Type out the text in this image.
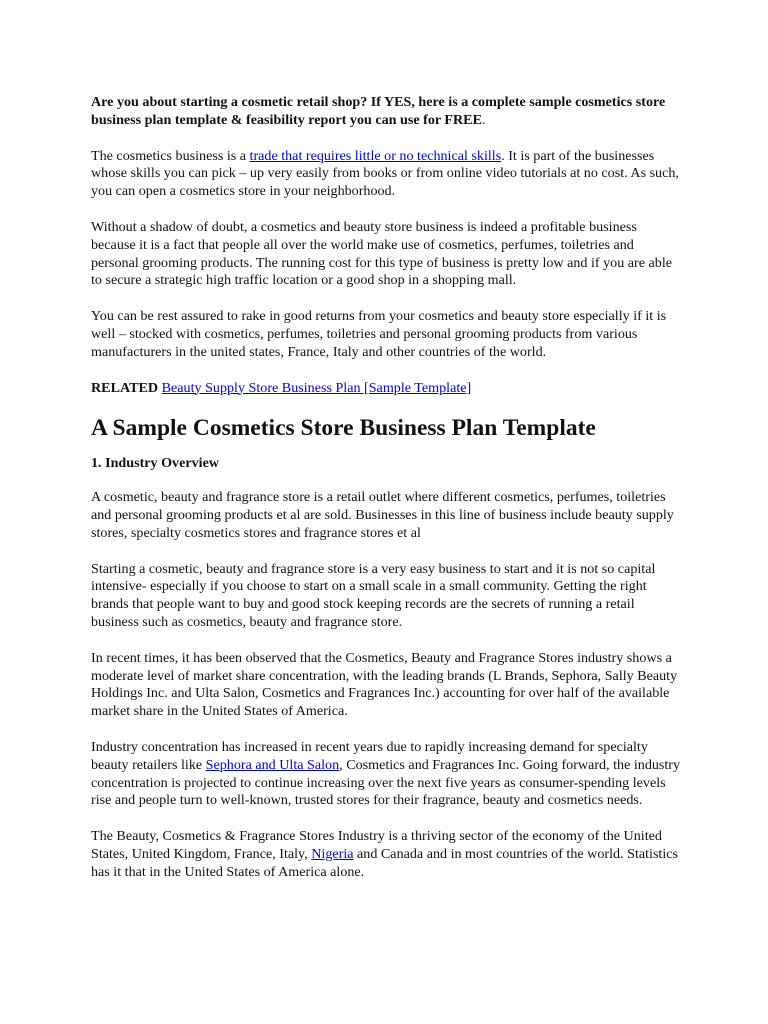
Are you about starting a cosmetic retail shop? If YES, here is a complete sample cosmetics store business plan template & feasibility report you can use for FREE.

The cosmetics business is a trade that requires little or no technical skills. It is part of the businesses whose skills you can pick – up very easily from books or from online video tutorials at no cost. As such, you can open a cosmetics store in your neighborhood.

Without a shadow of doubt, a cosmetics and beauty store business is indeed a profitable business because it is a fact that people all over the world make use of cosmetics, perfumes, toiletries and personal grooming products. The running cost for this type of business is pretty low and if you are able to secure a strategic high traffic location or a good shop in a shopping mall.

You can be rest assured to rake in good returns from your cosmetics and beauty store especially if it is well – stocked with cosmetics, perfumes, toiletries and personal grooming products from various manufacturers in the united states, France, Italy and other countries of the world.

RELATED Beauty Supply Store Business Plan [Sample Template]

A Sample Cosmetics Store Business Plan Template
1. Industry Overview

A cosmetic, beauty and fragrance store is a retail outlet where different cosmetics, perfumes, toiletries and personal grooming products et al are sold. Businesses in this line of business include beauty supply stores, specialty cosmetics stores and fragrance stores et al

Starting a cosmetic, beauty and fragrance store is a very easy business to start and it is not so capital intensive- especially if you choose to start on a small scale in a small community. Getting the right brands that people want to buy and good stock keeping records are the secrets of running a retail business such as cosmetics, beauty and fragrance store.

In recent times, it has been observed that the Cosmetics, Beauty and Fragrance Stores industry shows a moderate level of market share concentration, with the leading brands (L Brands, Sephora, Sally Beauty Holdings Inc. and Ulta Salon, Cosmetics and Fragrances Inc.) accounting for over half of the available market share in the United States of America.

Industry concentration has increased in recent years due to rapidly increasing demand for specialty beauty retailers like Sephora and Ulta Salon, Cosmetics and Fragrances Inc. Going forward, the industry concentration is projected to continue increasing over the next five years as consumer-spending levels rise and people turn to well-known, trusted stores for their fragrance, beauty and cosmetics needs.

The Beauty, Cosmetics & Fragrance Stores Industry is a thriving sector of the economy of the United States, United Kingdom, France, Italy, Nigeria and Canada and in most countries of the world. Statistics has it that in the United States of America alone.
